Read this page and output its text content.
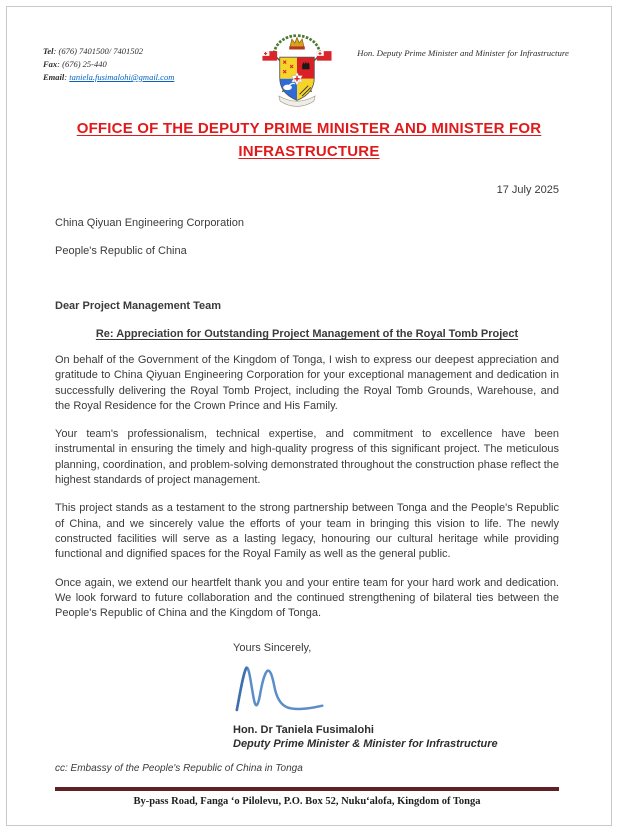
Tel: (676) 7401500/ 7401502
Fax: (676) 25-440
Email: taniela.fusimalohi@gmail.com
Hon. Deputy Prime Minister and Minister for Infrastructure
OFFICE OF THE DEPUTY PRIME MINISTER AND MINISTER FOR INFRASTRUCTURE
17 July 2025
China Qiyuan Engineering Corporation
People's Republic of China
Dear Project Management Team
Re: Appreciation for Outstanding Project Management of the Royal Tomb Project

On behalf of the Government of the Kingdom of Tonga, I wish to express our deepest appreciation and gratitude to China Qiyuan Engineering Corporation for your exceptional management and dedication in successfully delivering the Royal Tomb Project, including the Royal Tomb Grounds, Warehouse, and the Royal Residence for the Crown Prince and His Family.

Your team's professionalism, technical expertise, and commitment to excellence have been instrumental in ensuring the timely and high-quality progress of this significant project. The meticulous planning, coordination, and problem-solving demonstrated throughout the construction phase reflect the highest standards of project management.

This project stands as a testament to the strong partnership between Tonga and the People's Republic of China, and we sincerely value the efforts of your team in bringing this vision to life. The newly constructed facilities will serve as a lasting legacy, honouring our cultural heritage while providing functional and dignified spaces for the Royal Family as well as the general public.

Once again, we extend our heartfelt thank you and your entire team for your hard work and dedication. We look forward to future collaboration and the continued strengthening of bilateral ties between the People's Republic of China and the Kingdom of Tonga.

Yours Sincerely,
Hon. Dr Taniela Fusimalohi
Deputy Prime Minister & Minister for Infrastructure
cc: Embassy of the People's Republic of China in Tonga
By-pass Road, Fanga ‘o Pilolevu, P.O. Box 52, Nuku‘alofa, Kingdom of Tonga
